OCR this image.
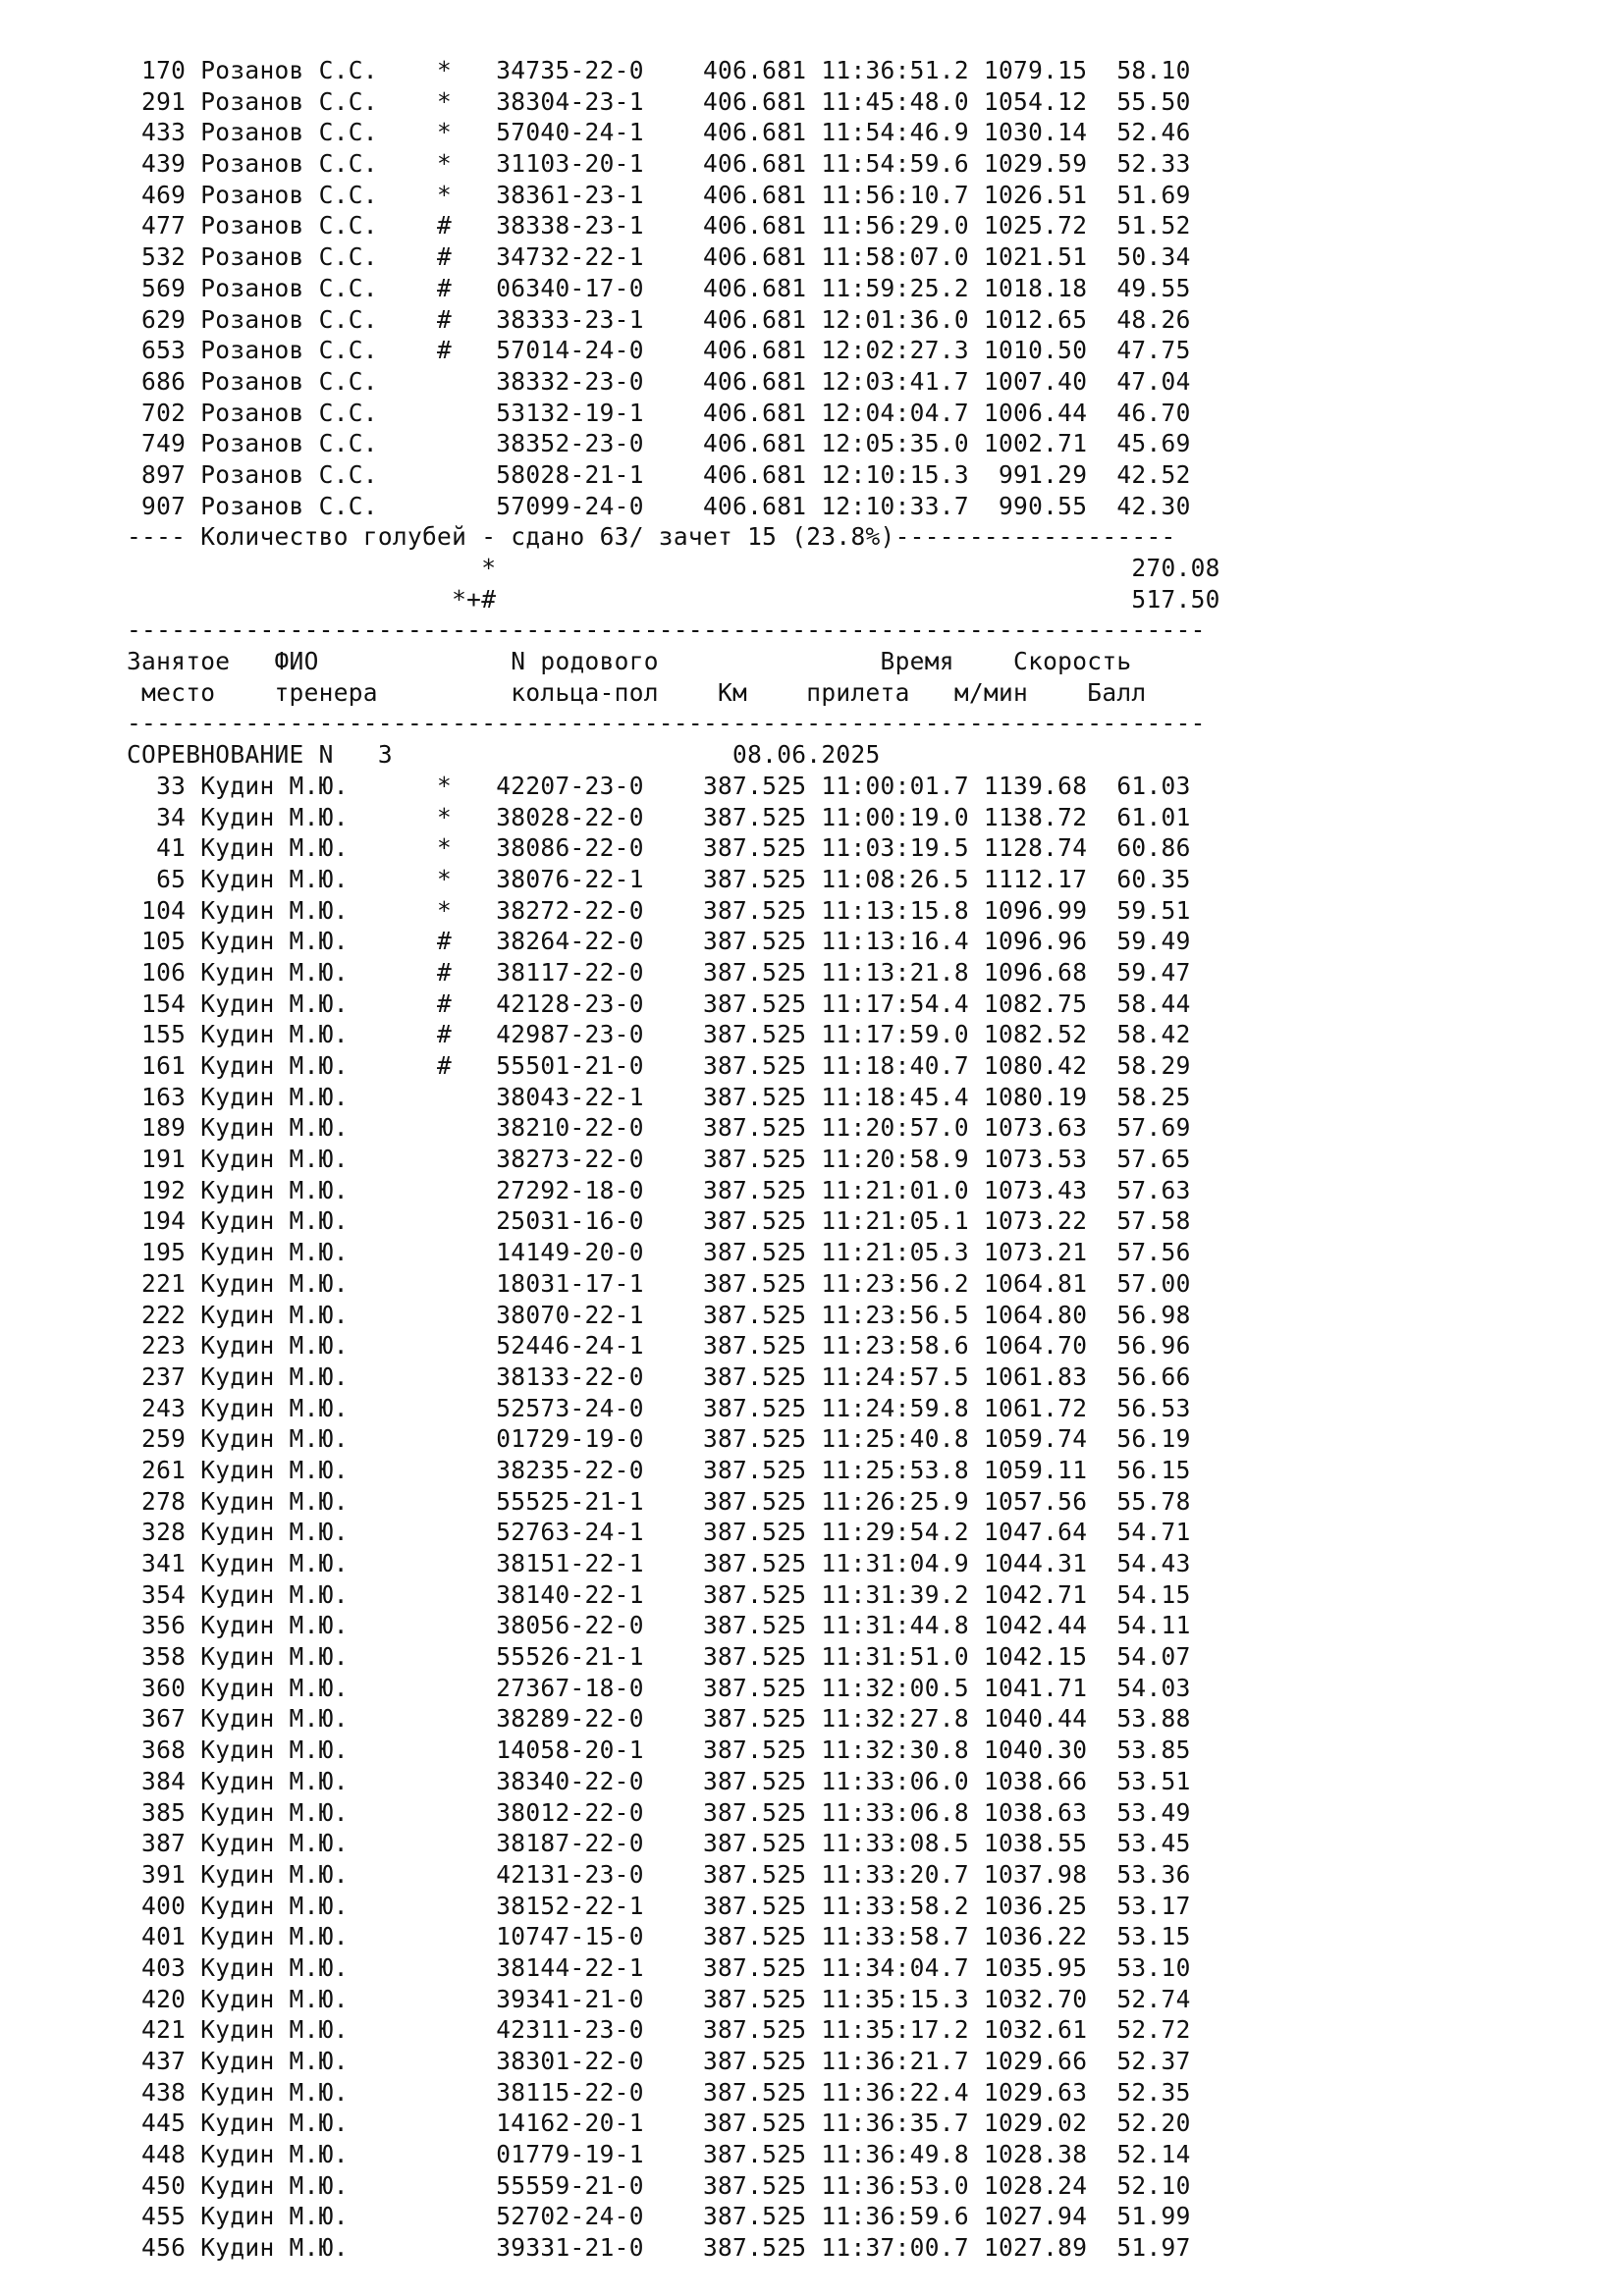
170 Розанов С.С.    *   34735-22-0    406.681 11:36:51.2 1079.15  58.10
291 Розанов С.С.    *   38304-23-1    406.681 11:45:48.0 1054.12  55.50
433 Розанов С.С.    *   57040-24-1    406.681 11:54:46.9 1030.14  52.46
439 Розанов С.С.    *   31103-20-1    406.681 11:54:59.6 1029.59  52.33
469 Розанов С.С.    *   38361-23-1    406.681 11:56:10.7 1026.51  51.69
477 Розанов С.С.    #   38338-23-1    406.681 11:56:29.0 1025.72  51.52
532 Розанов С.С.    #   34732-22-1    406.681 11:58:07.0 1021.51  50.34
569 Розанов С.С.    #   06340-17-0    406.681 11:59:25.2 1018.18  49.55
629 Розанов С.С.    #   38333-23-1    406.681 12:01:36.0 1012.65  48.26
653 Розанов С.С.    #   57014-24-0    406.681 12:02:27.3 1010.50  47.75
686 Розанов С.С.        38332-23-0    406.681 12:03:41.7 1007.40  47.04
702 Розанов С.С.        53132-19-1    406.681 12:04:04.7 1006.44  46.70
749 Розанов С.С.        38352-23-0    406.681 12:05:35.0 1002.71  45.69
897 Розанов С.С.        58028-21-1    406.681 12:10:15.3  991.29  42.52
907 Розанов С.С.        57099-24-0    406.681 12:10:33.7  990.55  42.30
---- Количество голубей - сдано 63/ зачет 15 (23.8%)-------------------
*                                           270.08
*+#                                           517.50
-------------------------------------------------------------------------
Занятое   ФИО             N родового               Время    Скорость
место    тренера         кольца-пол    Км    прилета   м/мин    Балл
-------------------------------------------------------------------------
СОРЕВНОВАНИЕ N   3                       08.06.2025
33 Кудин М.Ю.      *   42207-23-0    387.525 11:00:01.7 1139.68  61.03
34 Кудин М.Ю.      *   38028-22-0    387.525 11:00:19.0 1138.72  61.01
41 Кудин М.Ю.      *   38086-22-0    387.525 11:03:19.5 1128.74  60.86
65 Кудин М.Ю.      *   38076-22-1    387.525 11:08:26.5 1112.17  60.35
104 Кудин М.Ю.      *   38272-22-0    387.525 11:13:15.8 1096.99  59.51
105 Кудин М.Ю.      #   38264-22-0    387.525 11:13:16.4 1096.96  59.49
106 Кудин М.Ю.      #   38117-22-0    387.525 11:13:21.8 1096.68  59.47
154 Кудин М.Ю.      #   42128-23-0    387.525 11:17:54.4 1082.75  58.44
155 Кудин М.Ю.      #   42987-23-0    387.525 11:17:59.0 1082.52  58.42
161 Кудин М.Ю.      #   55501-21-0    387.525 11:18:40.7 1080.42  58.29
163 Кудин М.Ю.          38043-22-1    387.525 11:18:45.4 1080.19  58.25
189 Кудин М.Ю.          38210-22-0    387.525 11:20:57.0 1073.63  57.69
191 Кудин М.Ю.          38273-22-0    387.525 11:20:58.9 1073.53  57.65
192 Кудин М.Ю.          27292-18-0    387.525 11:21:01.0 1073.43  57.63
194 Кудин М.Ю.          25031-16-0    387.525 11:21:05.1 1073.22  57.58
195 Кудин М.Ю.          14149-20-0    387.525 11:21:05.3 1073.21  57.56
221 Кудин М.Ю.          18031-17-1    387.525 11:23:56.2 1064.81  57.00
222 Кудин М.Ю.          38070-22-1    387.525 11:23:56.5 1064.80  56.98
223 Кудин М.Ю.          52446-24-1    387.525 11:23:58.6 1064.70  56.96
237 Кудин М.Ю.          38133-22-0    387.525 11:24:57.5 1061.83  56.66
243 Кудин М.Ю.          52573-24-0    387.525 11:24:59.8 1061.72  56.53
259 Кудин М.Ю.          01729-19-0    387.525 11:25:40.8 1059.74  56.19
261 Кудин М.Ю.          38235-22-0    387.525 11:25:53.8 1059.11  56.15
278 Кудин М.Ю.          55525-21-1    387.525 11:26:25.9 1057.56  55.78
328 Кудин М.Ю.          52763-24-1    387.525 11:29:54.2 1047.64  54.71
341 Кудин М.Ю.          38151-22-1    387.525 11:31:04.9 1044.31  54.43
354 Кудин М.Ю.          38140-22-1    387.525 11:31:39.2 1042.71  54.15
356 Кудин М.Ю.          38056-22-0    387.525 11:31:44.8 1042.44  54.11
358 Кудин М.Ю.          55526-21-1    387.525 11:31:51.0 1042.15  54.07
360 Кудин М.Ю.          27367-18-0    387.525 11:32:00.5 1041.71  54.03
367 Кудин М.Ю.          38289-22-0    387.525 11:32:27.8 1040.44  53.88
368 Кудин М.Ю.          14058-20-1    387.525 11:32:30.8 1040.30  53.85
384 Кудин М.Ю.          38340-22-0    387.525 11:33:06.0 1038.66  53.51
385 Кудин М.Ю.          38012-22-0    387.525 11:33:06.8 1038.63  53.49
387 Кудин М.Ю.          38187-22-0    387.525 11:33:08.5 1038.55  53.45
391 Кудин М.Ю.          42131-23-0    387.525 11:33:20.7 1037.98  53.36
400 Кудин М.Ю.          38152-22-1    387.525 11:33:58.2 1036.25  53.17
401 Кудин М.Ю.          10747-15-0    387.525 11:33:58.7 1036.22  53.15
403 Кудин М.Ю.          38144-22-1    387.525 11:34:04.7 1035.95  53.10
420 Кудин М.Ю.          39341-21-0    387.525 11:35:15.3 1032.70  52.74
421 Кудин М.Ю.          42311-23-0    387.525 11:35:17.2 1032.61  52.72
437 Кудин М.Ю.          38301-22-0    387.525 11:36:21.7 1029.66  52.37
438 Кудин М.Ю.          38115-22-0    387.525 11:36:22.4 1029.63  52.35
445 Кудин М.Ю.          14162-20-1    387.525 11:36:35.7 1029.02  52.20
448 Кудин М.Ю.          01779-19-1    387.525 11:36:49.8 1028.38  52.14
450 Кудин М.Ю.          55559-21-0    387.525 11:36:53.0 1028.24  52.10
455 Кудин М.Ю.          52702-24-0    387.525 11:36:59.6 1027.94  51.99
456 Кудин М.Ю.          39331-21-0    387.525 11:37:00.7 1027.89  51.97
